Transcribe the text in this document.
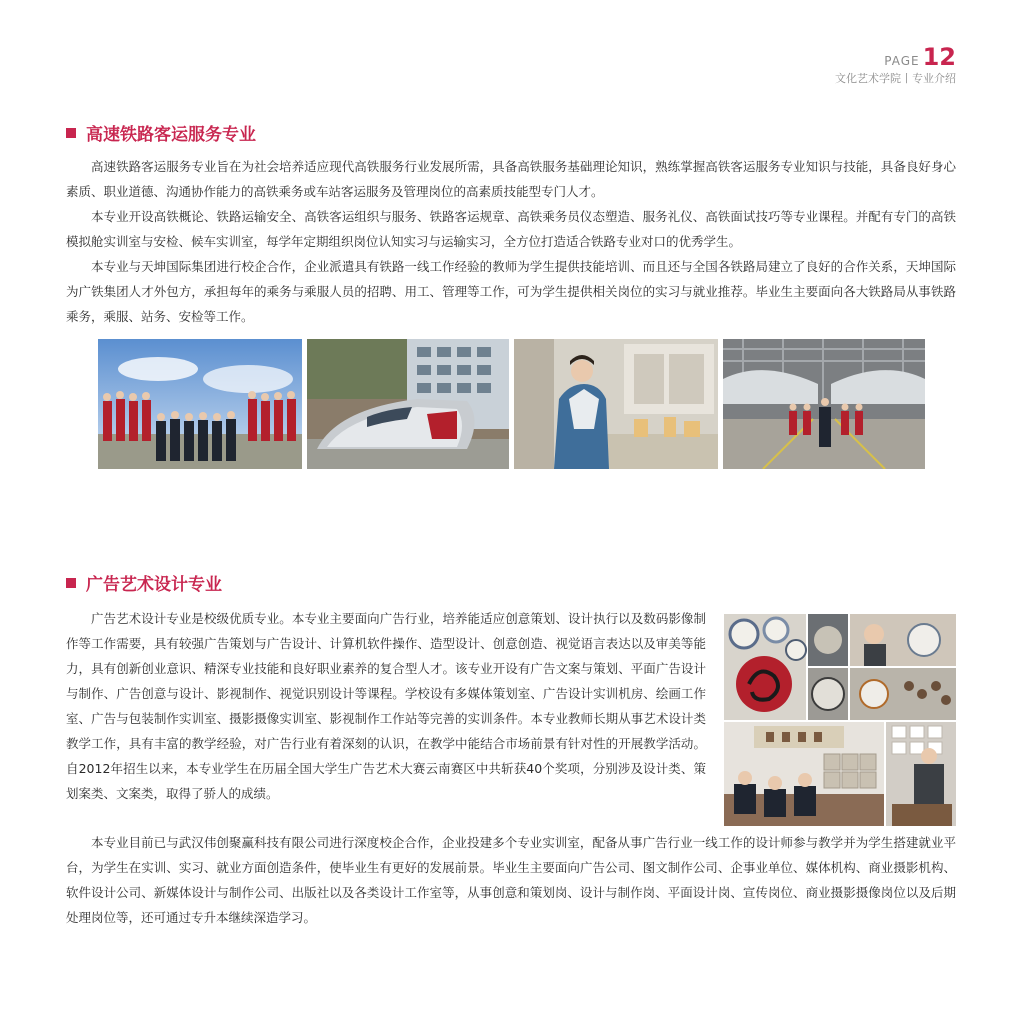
PAGE 12
文化艺术学院丨专业介绍
高速铁路客运服务专业

高速铁路客运服务专业旨在为社会培养适应现代高铁服务行业发展所需，具备高铁服务基础理论知识，熟练掌握高铁客运服务专业知识与技能，具备良好身心素质、职业道德、沟通协作能力的高铁乘务或车站客运服务及管理岗位的高素质技能型专门人才。

本专业开设高铁概论、铁路运输安全、高铁客运组织与服务、铁路客运规章、高铁乘务员仪态塑造、服务礼仪、高铁面试技巧等专业课程。并配有专门的高铁模拟舱实训室与安检、候车实训室，每学年定期组织岗位认知实习与运输实习，全方位打造适合铁路专业对口的优秀学生。

本专业与天坤国际集团进行校企合作，企业派遣具有铁路一线工作经验的教师为学生提供技能培训、而且还与全国各铁路局建立了良好的合作关系，天坤国际为广铁集团人才外包方，承担每年的乘务与乘服人员的招聘、用工、管理等工作，可为学生提供相关岗位的实习与就业推荐。毕业生主要面向各大铁路局从事铁路乘务，乘服、站务、安检等工作。

广告艺术设计专业

广告艺术设计专业是校级优质专业。本专业主要面向广告行业，培养能适应创意策划、设计执行以及数码影像制作等工作需要，具有较强广告策划与广告设计、计算机软件操作、造型设计、创意创造、视觉语言表达以及审美等能力，具有创新创业意识、精深专业技能和良好职业素养的复合型人才。该专业开设有广告文案与策划、平面广告设计与制作、广告创意与设计、影视制作、视觉识别设计等课程。学校设有多媒体策划室、广告设计实训机房、绘画工作室、广告与包装制作实训室、摄影摄像实训室、影视制作工作站等完善的实训条件。本专业教师长期从事艺术设计类教学工作，具有丰富的教学经验，对广告行业有着深刻的认识，在教学中能结合市场前景有针对性的开展教学活动。自2012年招生以来，本专业学生在历届全国大学生广告艺术大赛云南赛区中共斩获40个奖项，分别涉及设计类、策划案类、文案类，取得了骄人的成绩。

本专业目前已与武汉伟创聚赢科技有限公司进行深度校企合作，企业投建多个专业实训室，配备从事广告行业一线工作的设计师参与教学并为学生搭建就业平台，为学生在实训、实习、就业方面创造条件，使毕业生有更好的发展前景。毕业生主要面向广告公司、图文制作公司、企事业单位、媒体机构、商业摄影机构、软件设计公司、新媒体设计与制作公司、出版社以及各类设计工作室等，从事创意和策划岗、设计与制作岗、平面设计岗、宣传岗位、商业摄影摄像岗位以及后期处理岗位等，还可通过专升本继续深造学习。
